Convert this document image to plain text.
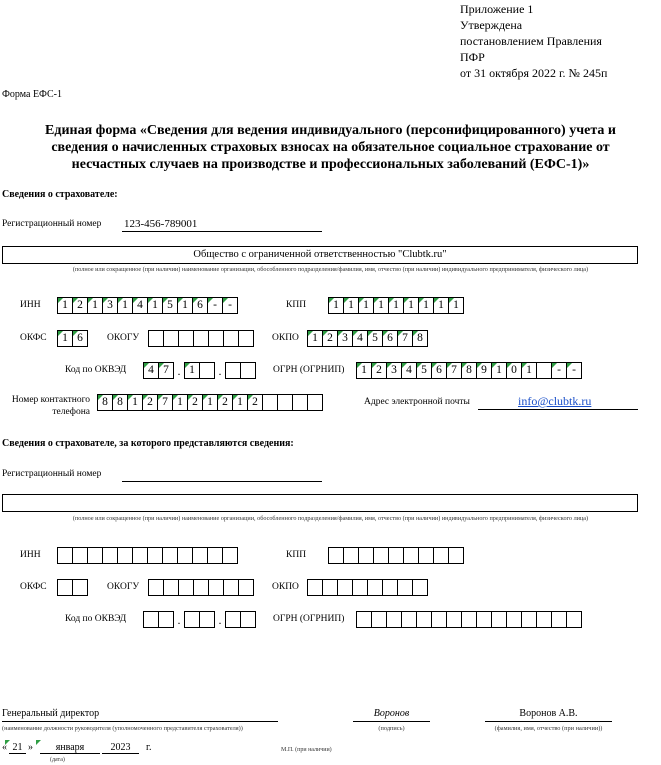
Приложение 1
Утверждена
постановлением Правления
ПФР
от 31 октября 2022 г. № 245п
Форма ЕФС-1
Единая форма «Сведения для ведения индивидуального (персонифицированного) учета и
сведения о начисленных страховых взносах на обязательное социальное страхование от
несчастных случаев на производстве и профессиональных заболеваний (ЕФС-1)»
Сведения о страхователе:
Регистрационный номер 123-456-789001
Общество с ограниченной ответственностью "Clubtk.ru"
(полное или сокращенное (при наличии) наименование организации, обособленного подразделения/фамилия, имя, отчество (при наличии) индивидуального предпринимателя, физического лица)
ИНН	1 2 1 3 1 4 1 5 1 6 - -	КПП	1 1 1 1 1 1 1 1 1
ОКФС	1 6	ОКОГУ	ОКПО	1 2 3 4 5 6 7 8
Код по ОКВЭД	4 7 . 1	.	ОГРН (ОГРНИП)	1 2 3 4 5 6 7 8 9 1 0 1	- -
Номер контактного
телефона
8 8 1 2 7 1 2 1 2 1 2	Адрес электронной почты	info@clubtk.ru
Сведения о страхователе, за которого представляются сведения:
Регистрационный номер
(полное или сокращенное (при наличии) наименование организации, обособленного подразделения/фамилия, имя, отчество (при наличии) индивидуального предпринимателя, физического лица)
ИНН	КПП
ОКФС	ОКОГУ	ОКПО
Код по ОКВЭД	.	.	ОГРН (ОГРНИП)
Генеральный директор
(наименование должности руководителя (уполномоченного представителя страхователя))
Воронов
(подпись)
Воронов А.В.
(фамилия, имя, отчество (при наличии))
« 21 »	января	2023	г.
(дата)
М.П. (при наличии)
